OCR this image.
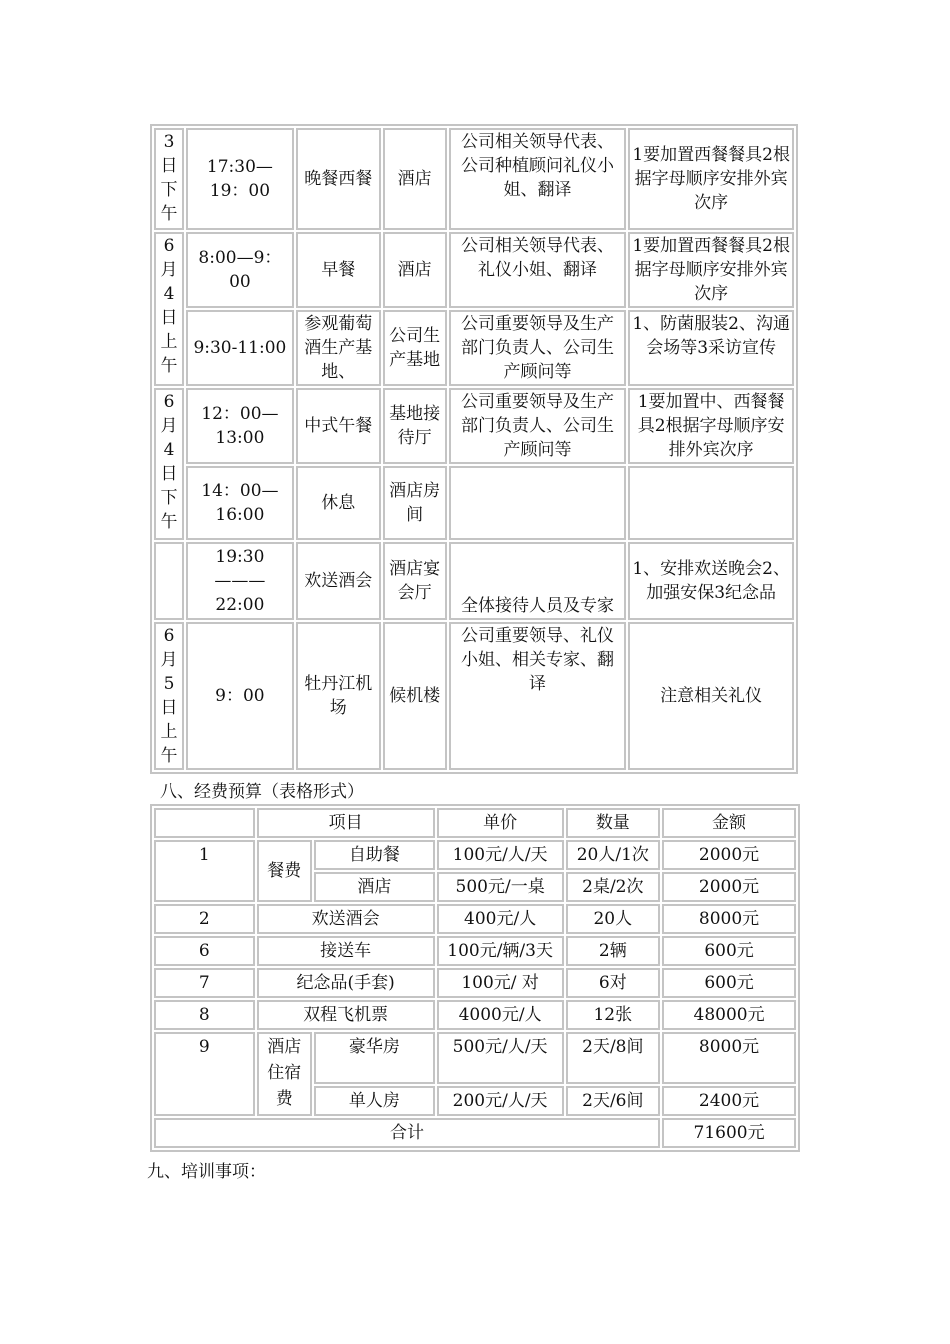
3日下午	17:30—19：00	晚餐西餐	酒店	公司相关领导代表、公司种植顾问礼仪小姐、翻译	1要加置西餐餐具2根据字母顺序安排外宾次序
6月4日上午	8:00—9：00	早餐	酒店	公司相关领导代表、礼仪小姐、翻译	1要加置西餐餐具2根据字母顺序安排外宾次序
	9:30-11:00	参观葡萄酒生产基地、	公司生产基地	公司重要领导及生产部门负责人、公司生产顾问等	1、防菌服装2、沟通会场等3采访宣传
6月4日下午	12：00—13:00	中式午餐	基地接待厅	公司重要领导及生产部门负责人、公司生产顾问等	1要加置中、西餐餐具2根据字母顺序安排外宾次序
	14：00—16:00	休息	酒店房间		
	19:30———22:00	欢送酒会	酒店宴会厅	全体接待人员及专家	1、安排欢送晚会2、加强安保3纪念品
6月5日上午	9：00	牡丹江机场	候机楼	公司重要领导、礼仪小姐、相关专家、翻译	注意相关礼仪
八、经费预算（表格形式）
	项目		单价	数量	金额
1	餐费	自助餐	100元/人/天	20人/1次	2000元
		酒店	500元/一桌	2桌/2次	2000元
2	欢送酒会		400元/人	20人	8000元
6	接送车		100元/辆/3天	2辆	600元
7	纪念品(手套)		100元/ 对	6对	600元
8	双程飞机票		4000元/人	12张	48000元
9	酒店住宿费	豪华房	500元/人/天	2天/8间	8000元
		单人房	200元/人/天	2天/6间	2400元
合计					71600元
九、培训事项：
